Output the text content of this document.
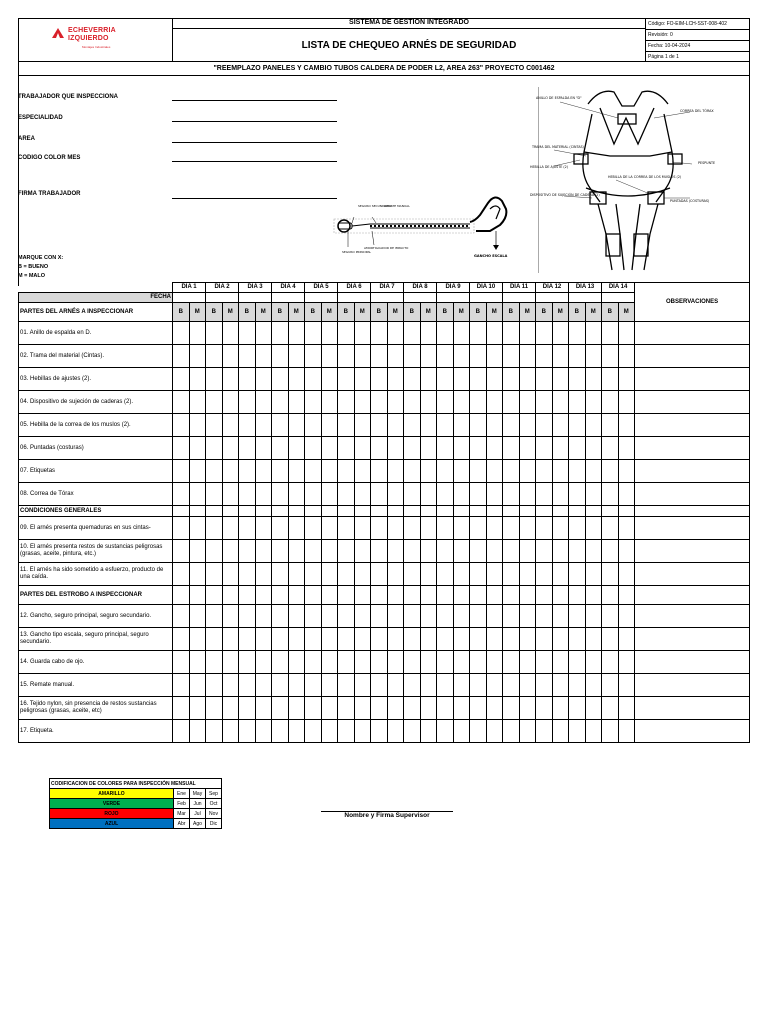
ECHEVERRIA
IZQUIERDO
Montajes Industriales
SISTEMA DE GESTION INTEGRADO
LISTA DE CHEQUEO ARNÉS DE SEGURIDAD
Código: FO-EIM-LCH-SST-008-402
Revisión: 0
Fecha: 10-04-2024
Página 1 de 1
"REEMPLAZO PANELES Y CAMBIO TUBOS CALDERA DE PODER L2, AREA 263" PROYECTO C001462
TRABAJADOR QUE INSPECCIONA
ESPECIALIDAD
AREA
CODIGO COLOR MES
FIRMA TRABAJADOR
MARQUE CON X:
B = BUENO
M = MALO
SEGURO SECUNDARIO
REMATE MANUAL
SEGURO PRINCIPAL
AMORTIGUADOR DE IMPACTO
GANCHO ESCALA
ANILLO DE ESPALDA EN "D"
CORREA DEL TÓRAX
TRAMA DEL MATERIAL (CINTAS)
PESPUNTE
HEBILLA DE AJUSTE (2)
HEBILLA DE LA CORREA DE LOS MUSLOS (2)
DISPOSITIVO DE SUJECIÓN DE CADERA (2)
PUNTADAS (COSTURAS)
	DIA 1		DIA 2		DIA 3		DIA 4		DIA 5		DIA 6		DIA 7		DIA 8		DIA 9		DIA 10		DIA 11		DIA 12		DIA 13		DIA 14		OBSERVACIONES
FECHA																													
PARTES DEL ARNÉS A INSPECCIONAR	B	M	B	M	B	M	B	M	B	M	B	M	B	M	B	M	B	M	B	M	B	M	B	M	B	M	B	M	
01. Anillo de espalda en D.																													
02. Trama del material (Cintas).																													
03. Hebillas de ajustes (2).																													
04. Dispositivo de sujeción de caderas (2).																													
05. Hebilla de la correa de los muslos (2).																													
06. Puntadas (costuras)																													
07. Etiquetas																													
08. Correa de Tórax																													
CONDICIONES GENERALES																													
09. El arnés presenta quemaduras en sus cintas-																													
10. El arnés presenta restos de sustancias peligrosas (grasas, aceite, pintura, etc.)																													
11. El arnés ha sido sometido a esfuerzo, producto de una caída.																													
PARTES DEL ESTROBO A INSPECCIONAR																													
12. Gancho, seguro principal, seguro secundario.																													
13. Gancho tipo escala, seguro principal, seguro secundario.																													
14. Guarda cabo de ojo.																													
15. Remate manual.																													
16. Tejido nylon, sin presencia de restos sustancias peligrosas (grasas, aceite, etc)																													
17. Etiqueta.																													
CODIFICACION DE COLORES PARA INSPECCIÓN MENSUAL			
AMARILLO	Ene	May	Sep
VERDE	Feb	Jun	Oct
ROJO	Mar	Jul	Nov
AZUL	Abr	Ago	Dic
Nombre y Firma Supervisor
